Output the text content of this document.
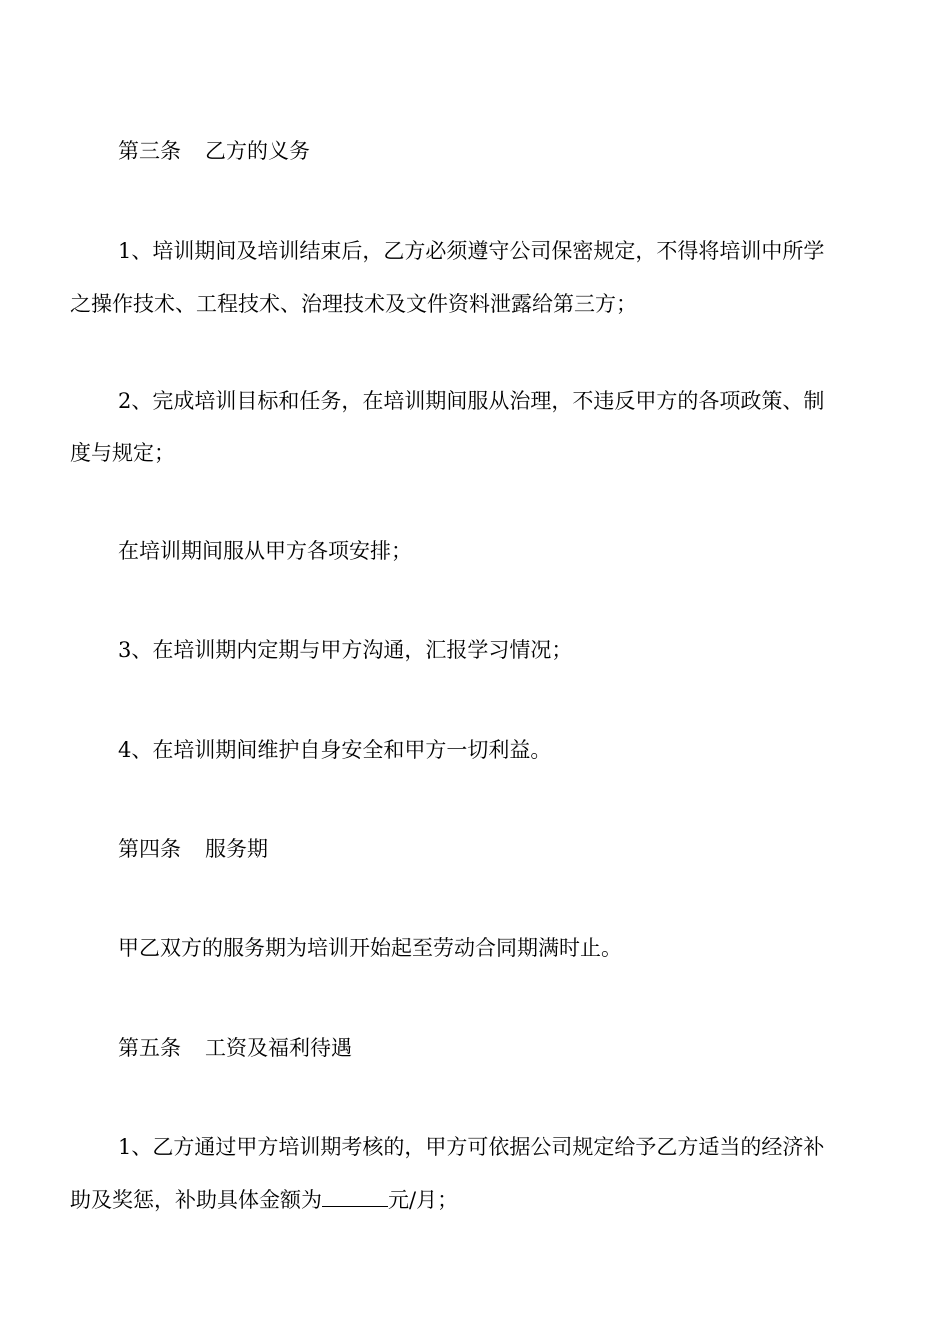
第三条 乙方的义务
1、培训期间及培训结束后，乙方必须遵守公司保密规定，不得将培训中所学
之操作技术、工程技术、治理技术及文件资料泄露给第三方；
2、完成培训目标和任务，在培训期间服从治理，不违反甲方的各项政策、制
度与规定；
在培训期间服从甲方各项安排；
3、在培训期内定期与甲方沟通，汇报学习情况；
4、在培训期间维护自身安全和甲方一切利益。
第四条 服务期
甲乙双方的服务期为培训开始起至劳动合同期满时止。
第五条 工资及福利待遇
1、乙方通过甲方培训期考核的，甲方可依据公司规定给予乙方适当的经济补
助及奖惩，补助具体金额为	元/月；
